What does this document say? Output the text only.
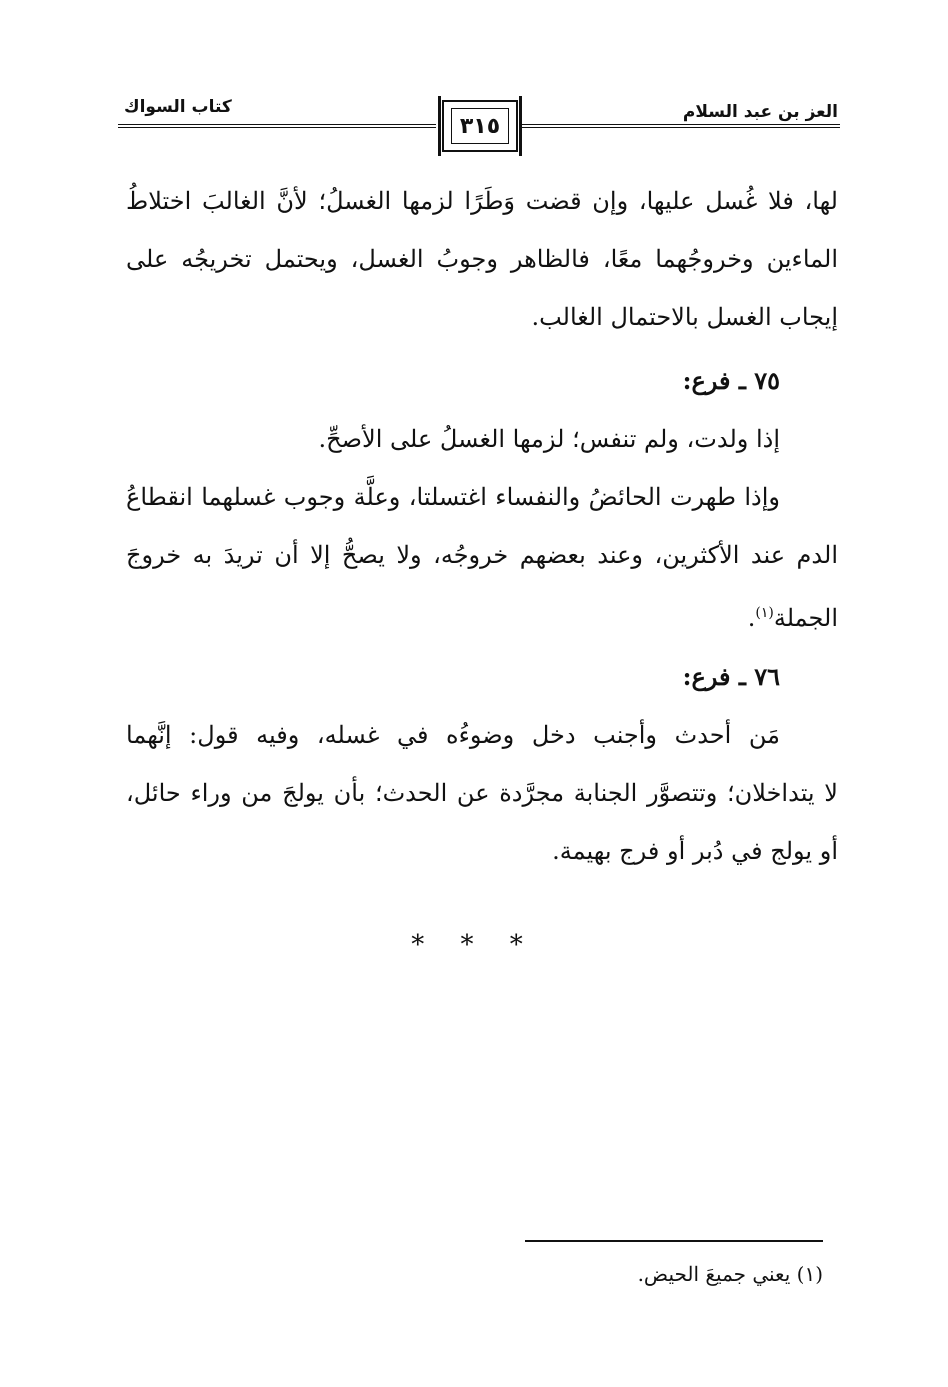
العز بن عبد السلام
كتاب السواك
٣١٥
لها، فلا غُسل عليها، وإن قضت وَطَرًا لزمها الغسلُ؛ لأنَّ الغالبَ اختلاطُ
الماءين وخروجُهما معًا، فالظاهر وجوبُ الغسل، ويحتمل تخريجُه على
إيجاب الغسل بالاحتمال الغالب.
٧٥ ـ فرع:
إذا ولدت، ولم تنفس؛ لزمها الغسلُ على الأصحِّ.
وإذا طهرت الحائضُ والنفساء اغتسلتا، وعلَّة وجوب غسلهما انقطاعُ
الدم عند الأكثرين، وعند بعضهم خروجُه، ولا يصحُّ إلا أن تريدَ به خروجَ
الجملة$^{(١)}$.
٧٦ ـ فرع:
مَن أحدث وأجنب دخل وضوءُه في غسله، وفيه قول: إنَّهما
لا يتداخلان؛ وتتصوَّر الجنابة مجرَّدة عن الحدث؛ بأن يولجَ من وراء حائل،
أو يولج في دُبر أو فرج بهيمة.
* * *
(١) يعني جميعَ الحيض.
